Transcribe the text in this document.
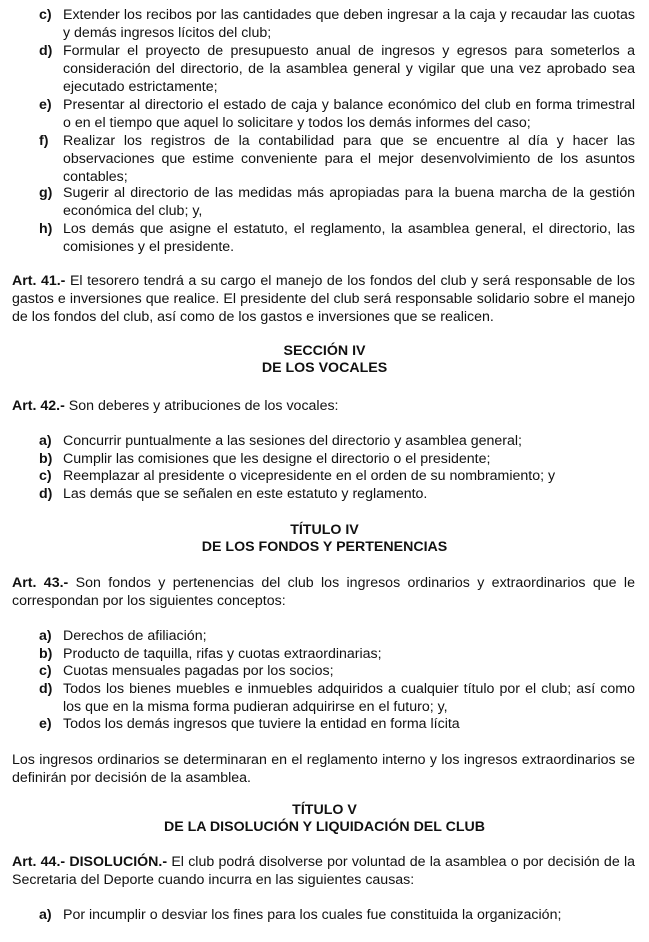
c) Extender los recibos por las cantidades que deben ingresar a la caja y recaudar las cuotas y demás ingresos lícitos del club;
d) Formular el proyecto de presupuesto anual de ingresos y egresos para someterlos a consideración del directorio, de la asamblea general y vigilar que una vez aprobado sea ejecutado estrictamente;
e) Presentar al directorio el estado de caja y balance económico del club en forma trimestral o en el tiempo que aquel lo solicitare y todos los demás informes del caso;
f) Realizar los registros de la contabilidad para que se encuentre al día y hacer las observaciones que estime conveniente para el mejor desenvolvimiento de los asuntos contables;
g) Sugerir al directorio de las medidas más apropiadas para la buena marcha de la gestión económica del club; y,
h) Los demás que asigne el estatuto, el reglamento, la asamblea general, el directorio, las comisiones y el presidente.
Art. 41.- El tesorero tendrá a su cargo el manejo de los fondos del club y será responsable de los gastos e inversiones que realice. El presidente del club será responsable solidario sobre el manejo de los fondos del club, así como de los gastos e inversiones que se realicen.
SECCIÓN IV
DE LOS VOCALES
Art. 42.- Son deberes y atribuciones de los vocales:
a) Concurrir puntualmente a las sesiones del directorio y asamblea general;
b) Cumplir las comisiones que les designe el directorio o el presidente;
c) Reemplazar al presidente o vicepresidente en el orden de su nombramiento; y
d) Las demás que se señalen en este estatuto y reglamento.
TÍTULO IV
DE LOS FONDOS Y PERTENENCIAS
Art. 43.- Son fondos y pertenencias del club los ingresos ordinarios y extraordinarios que le correspondan por los siguientes conceptos:
a) Derechos de afiliación;
b) Producto de taquilla, rifas y cuotas extraordinarias;
c) Cuotas mensuales pagadas por los socios;
d) Todos los bienes muebles e inmuebles adquiridos a cualquier título por el club; así como los que en la misma forma pudieran adquirirse en el futuro; y,
e) Todos los demás ingresos que tuviere la entidad en forma lícita
Los ingresos ordinarios se determinaran en el reglamento interno y los ingresos extraordinarios se definirán por decisión de la asamblea.
TÍTULO V
DE LA DISOLUCIÓN Y LIQUIDACIÓN DEL CLUB
Art. 44.- DISOLUCIÓN.- El club podrá disolverse por voluntad de la asamblea o por decisión de la Secretaria del Deporte cuando incurra en las siguientes causas:
a) Por incumplir o desviar los fines para los cuales fue constituida la organización;
